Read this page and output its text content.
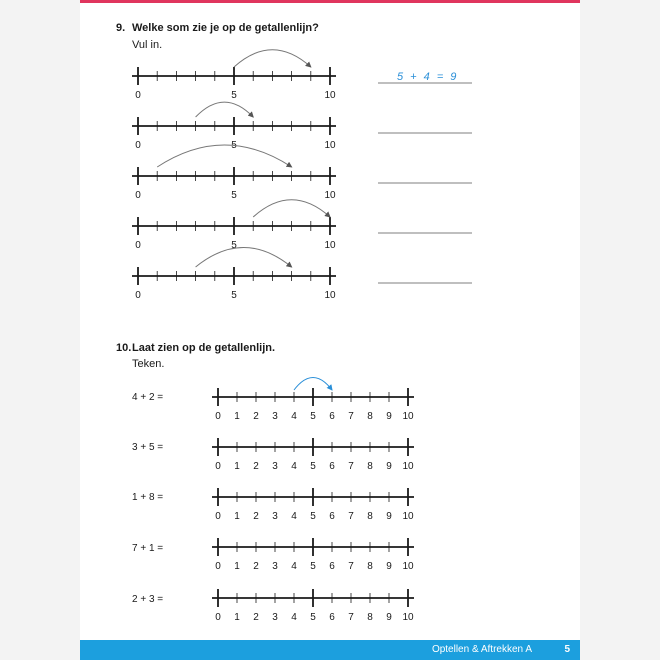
9. Welke som zie je op de getallenlijn?
Vul in.
10.Laat zien op de getallenlijn.
Teken.
4 + 2 =
3 + 5 =
1 + 8 =
7 + 1 =
2 + 3 =
0	5	10
5 + 4 = 9
0	5	10
0	5	10
0	5	10
0	5	10
0 1 2 3 4 5 6 7 8 9 10
0 1 2 3 4 5 6 7 8 9 10
0 1 2 3 4 5 6 7 8 9 10
0 1 2 3 4 5 6 7 8 9 10
0 1 2 3 4 5 6 7 8 9 10
Optellen & Aftrekken A	5
